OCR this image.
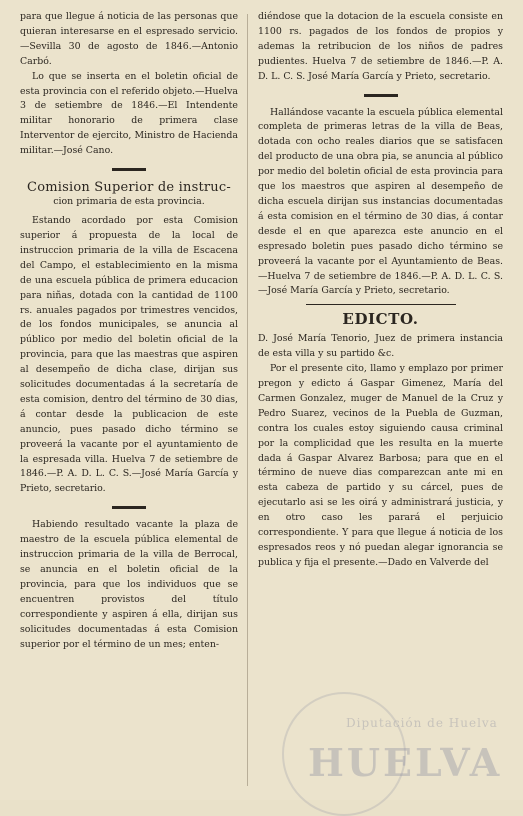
para que llegue á noticia de las personas que quieran interesarse en el espresado servicio.—Sevilla 30 de agosto de 1846.—Antonio Carbó.

Lo que se inserta en el boletin oficial de esta provincia con el referido objeto.—Huelva 3 de setiembre de 1846.—El Intendente militar honorario de primera clase Interventor de ejercito, Ministro de Hacienda militar.—José Cano.

Comision Superior de instruc-
cion primaria de esta provincia.

Estando acordado por esta Comision superior á propuesta de la local de instruccion primaria de la villa de Escacena del Campo, el establecimiento en la misma de una escuela pública de primera educacion para niñas, dotada con la cantidad de 1100 rs. anuales pagados por trimestres vencidos, de los fondos municipales, se anuncia al público por medio del boletin oficial de la provincia, para que las maestras que aspiren al desempeño de dicha clase, dirijan sus solicitudes documentadas á la secretaría de esta comision, dentro del término de 30 dias, á contar desde la publicacion de este anuncio, pues pasado dicho término se proveerá la vacante por el ayuntamiento de la espresada villa. Huelva 7 de setiembre de 1846.—P. A. D. L. C. S.—José María García y Prieto, secretario.

Habiendo resultado vacante la plaza de maestro de la escuela pública elemental de instruccion primaria de la villa de Berrocal, se anuncia en el boletin oficial de la provincia, para que los individuos que se encuentren provistos del título correspondiente y aspiren á ella, dirijan sus solicitudes documentadas á esta Comision superior por el término de un mes; enten-

diéndose que la dotacion de la escuela consiste en 1100 rs. pagados de los fondos de propios y ademas la retribucion de los niños de padres pudientes. Huelva 7 de setiembre de 1846.—P. A. D. L. C. S. José María García y Prieto, secretario.

Hallándose vacante la escuela pública elemental completa de primeras letras de la villa de Beas, dotada con ocho reales diarios que se satisfacen del producto de una obra pia, se anuncia al público por medio del boletin oficial de esta provincia para que los maestros que aspiren al desempeño de dicha escuela dirijan sus instancias documentadas á esta comision en el término de 30 dias, á contar desde el en que aparezca este anuncio en el espresado boletin pues pasado dicho término se proveerá la vacante por el Ayuntamiento de Beas.—Huelva 7 de setiembre de 1846.—P. A. D. L. C. S.—José María García y Prieto, secretario.

EDICTO.

D. José María Tenorio, Juez de primera instancia de esta villa y su partido &c.

Por el presente cito, llamo y emplazo por primer pregon y edicto á Gaspar Gimenez, María del Carmen Gonzalez, muger de Manuel de la Cruz y Pedro Suarez, vecinos de la Puebla de Guzman, contra los cuales estoy siguiendo causa criminal por la complicidad que les resulta en la muerte dada á Gaspar Alvarez Barbosa; para que en el término de nueve dias comparezcan ante mi en esta cabeza de partido y su cárcel, pues de ejecutarlo asi se les oirá y administrará justicia, y en otro caso les parará el perjuicio correspondiente. Y para que llegue á noticia de los espresados reos y nó puedan alegar ignorancia se publica y fija el presente.—Dado en Valverde del

Diputación de Huelva
HUELVA
